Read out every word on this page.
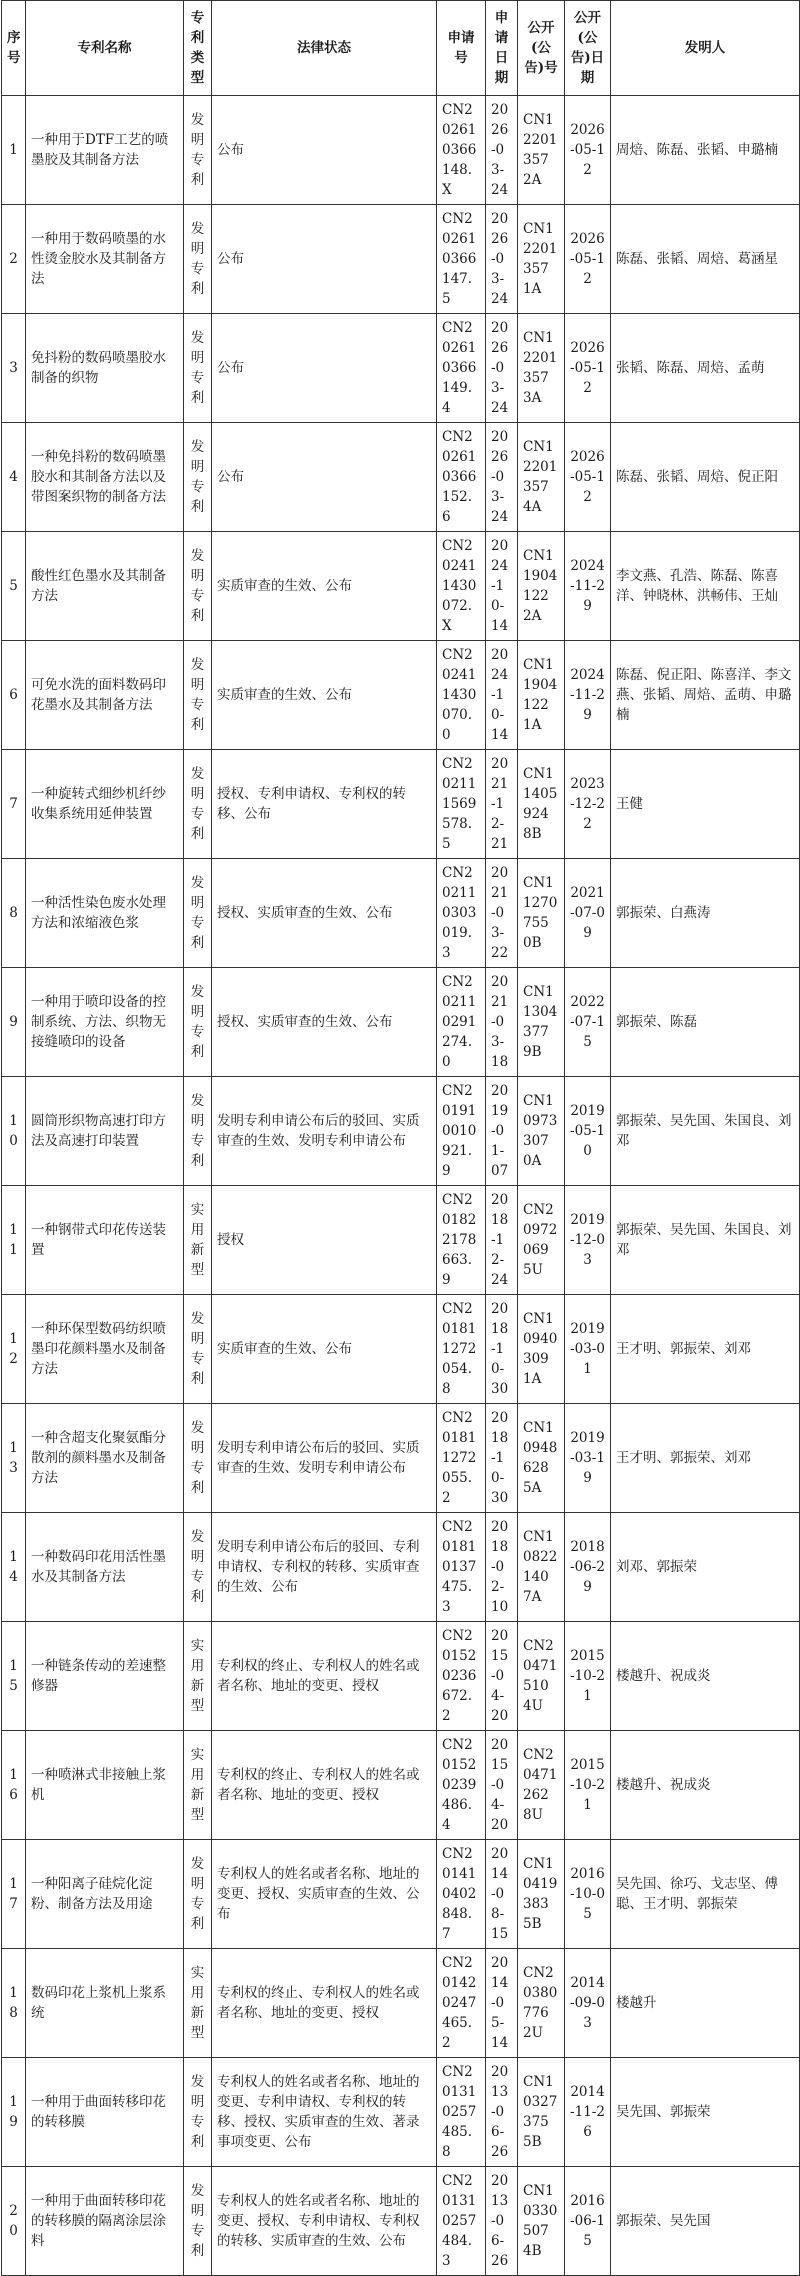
序号	专利名称	专利类型	法律状态	申请号	申请日期	公开(公告)号	公开(公告)日期	发明人
1	一种用于DTF工艺的喷墨胶及其制备方法	发明专利	公布	CN202610366148.X	2026-03-24	CN12201357 2A	2026-05-12	周焙、陈磊、张韬、申璐楠
2	一种用于数码喷墨的水性烫金胶水及其制备方法	发明专利	公布	CN202610366147.5	2026-03-24	CN12201357 1A	2026-05-12	陈磊、张韬、周焙、葛涵星
3	免抖粉的数码喷墨胶水制备的织物	发明专利	公布	CN202610366149.4	2026-03-24	CN12201357 3A	2026-05-12	张韬、陈磊、周焙、孟萌
4	一种免抖粉的数码喷墨胶水和其制备方法以及带图案织物的制备方法	发明专利	公布	CN202610366152.6	2026-03-24	CN12201357 4A	2026-05-12	陈磊、张韬、周焙、倪正阳
5	酸性红色墨水及其制备方法	发明专利	实质审查的生效、公布	CN202411430072.X	2024-10-14	CN11904122 2A	2024-11-29	李文燕、孔浩、陈磊、陈喜洋、钟晓林、洪畅伟、王灿
6	可免水洗的面料数码印花墨水及其制备方法	发明专利	实质审查的生效、公布	CN202411430070.0	2024-10-14	CN11904122 1A	2024-11-29	陈磊、倪正阳、陈喜洋、李文燕、张韬、周焙、孟萌、申璐楠
7	一种旋转式细纱机纤纱收集系统用延伸装置	发明专利	授权、专利申请权、专利权的转移、公布	CN202111569578.5	2021-12-21	CN11405924 8B	2023-12-22	王健
8	一种活性染色废水处理方法和浓缩液色浆	发明专利	授权、实质审查的生效、公布	CN202110303019.3	2021-03-22	CN11270755 0B	2021-07-09	郭振荣、白燕涛
9	一种用于喷印设备的控制系统、方法、织物无接缝喷印的设备	发明专利	授权、实质审查的生效、公布	CN202110291274.0	2021-03-18	CN11304377 9B	2022-07-15	郭振荣、陈磊
10	圆筒形织物高速打印方法及高速打印装置	发明专利	发明专利申请公布后的驳回、实质审查的生效、发明专利申请公布	CN201910010921.9	2019-01-07	CN10973307 0A	2019-05-10	郭振荣、吴先国、朱国良、刘邓
11	一种钢带式印花传送装置	实用新型	授权	CN201822178663.9	2018-12-24	CN20972069 5U	2019-12-03	郭振荣、吴先国、朱国良、刘邓
12	一种环保型数码纺织喷墨印花颜料墨水及制备方法	发明专利	实质审查的生效、公布	CN201811272054.8	2018-10-30	CN10940309 1A	2019-03-01	王才明、郭振荣、刘邓
13	一种含超支化聚氨酯分散剂的颜料墨水及制备方法	发明专利	发明专利申请公布后的驳回、实质审查的生效、发明专利申请公布	CN201811272055.2	2018-10-30	CN10948628 5A	2019-03-19	王才明、郭振荣、刘邓
14	一种数码印花用活性墨水及其制备方法	发明专利	发明专利申请公布后的驳回、专利申请权、专利权的转移、实质审查的生效、公布	CN201810137475.3	2018-02-10	CN10822140 7A	2018-06-29	刘邓、郭振荣
15	一种链条传动的差速整修器	实用新型	专利权的终止、专利权人的姓名或者名称、地址的变更、授权	CN201520236672.2	2015-04-20	CN20471510 4U	2015-10-21	楼越升、祝成炎
16	一种喷淋式非接触上浆机	实用新型	专利权的终止、专利权人的姓名或者名称、地址的变更、授权	CN201520239486.4	2015-04-20	CN20471262 8U	2015-10-21	楼越升、祝成炎
17	一种阳离子硅烷化淀粉、制备方法及用途	发明专利	专利权人的姓名或者名称、地址的变更、授权、实质审查的生效、公布	CN201410402848.7	2014-08-15	CN10419383 5B	2016-10-05	吴先国、徐巧、戈志坚、傅聪、王才明、郭振荣
18	数码印花上浆机上浆系统	实用新型	专利权的终止、专利权人的姓名或者名称、地址的变更、授权	CN201420247465.2	2014-05-14	CN20380776 2U	2014-09-03	楼越升
19	一种用于曲面转移印花的转移膜	发明专利	专利权人的姓名或者名称、地址的变更、专利申请权、专利权的转移、授权、实质审查的生效、著录事项变更、公布	CN201310257485.8	2013-06-26	CN10327375 5B	2014-11-26	吴先国、郭振荣
20	一种用于曲面转移印花的转移膜的隔离涂层涂料	发明专利	专利权人的姓名或者名称、地址的变更、授权、专利申请权、专利权的转移、实质审查的生效、公布	CN201310257484.3	2013-06-26	CN10330507 4B	2016-06-15	郭振荣、吴先国
